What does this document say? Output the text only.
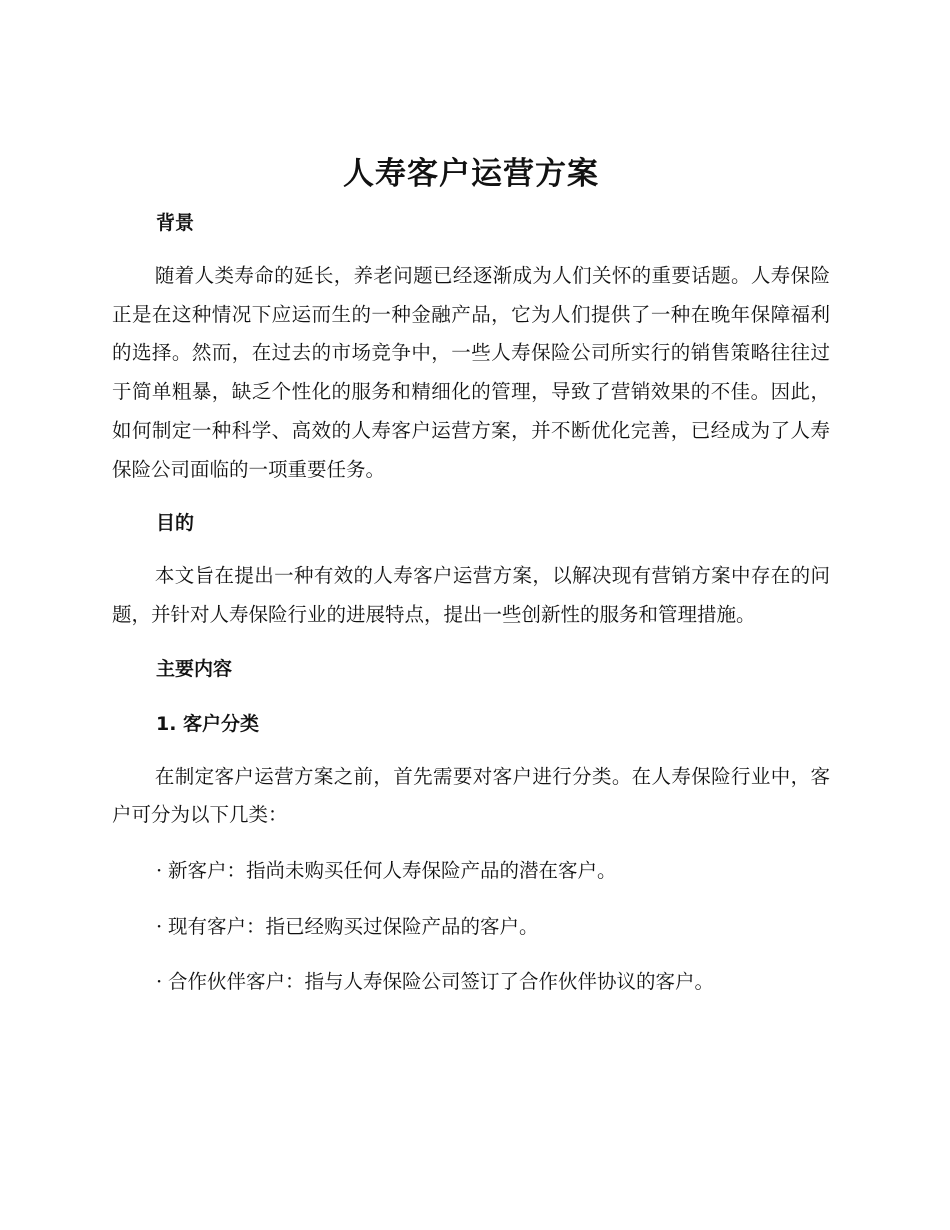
人寿客户运营方案
背景

随着人类寿命的延长，养老问题已经逐渐成为人们关怀的重要话题。人寿保险正是在这种情况下应运而生的一种金融产品，它为人们提供了一种在晚年保障福利的选择。然而，在过去的市场竞争中，一些人寿保险公司所实行的销售策略往往过于简单粗暴，缺乏个性化的服务和精细化的管理，导致了营销效果的不佳。因此，如何制定一种科学、高效的人寿客户运营方案，并不断优化完善，已经成为了人寿保险公司面临的一项重要任务。

目的

本文旨在提出一种有效的人寿客户运营方案，以解决现有营销方案中存在的问题，并针对人寿保险行业的进展特点，提出一些创新性的服务和管理措施。

主要内容
1. 客户分类

在制定客户运营方案之前，首先需要对客户进行分类。在人寿保险行业中，客户可分为以下几类：

· 新客户：指尚未购买任何人寿保险产品的潜在客户。

· 现有客户：指已经购买过保险产品的客户。

· 合作伙伴客户：指与人寿保险公司签订了合作伙伴协议的客户。
